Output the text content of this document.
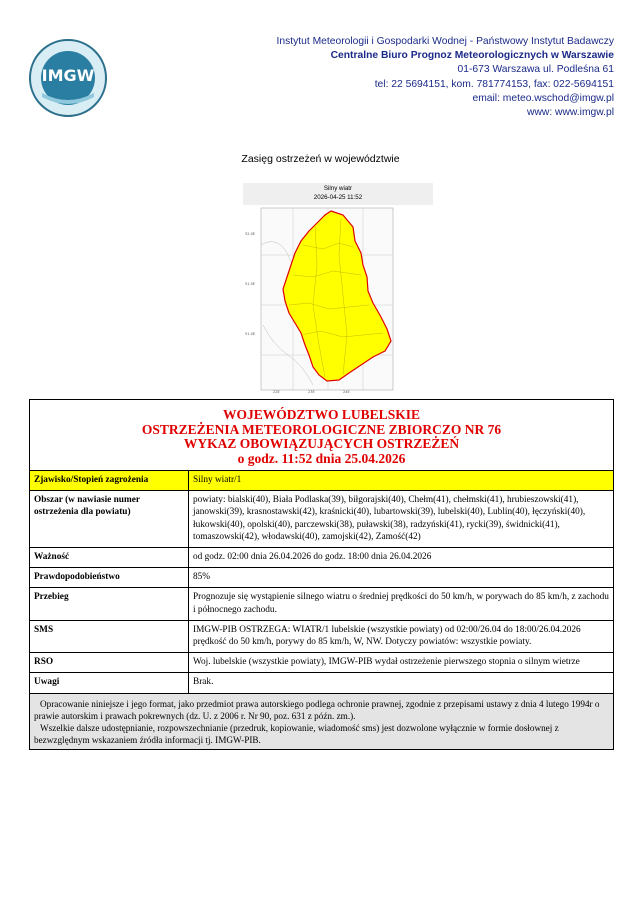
IMGW
Instytut Meteorologii i Gospodarki Wodnej - Państwowy Instytut Badawczy
Centralne Biuro Prognoz Meteorologicznych w Warszawie
01-673 Warszawa ul. Podleśna 61
tel: 22 5694151, kom. 781774153, fax: 022-5694151
email: meteo.wschod@imgw.pl
www: www.imgw.pl
Zasięg ostrzeżeń w województwie
Silny wiatr
2026-04-25 11:52
52.0E
51.5E
51.0E
22E	23E	24E
WOJEWÓDZTWO LUBELSKIE
OSTRZEŻENIA METEOROLOGICZNE ZBIORCZO NR 76
WYKAZ OBOWIĄZUJĄCYCH OSTRZEŻEŃ
o godz. 11:52 dnia 25.04.2026
Zjawisko/Stopień zagrożenia	Silny wiatr/1
Obszar (w nawiasie numer ostrzeżenia dla powiatu)	powiaty: bialski(40), Biała Podlaska(39), biłgorajski(40), Chełm(41), chełmski(41), hrubieszowski(41), janowski(39), krasnostawski(42), kraśnicki(40), lubartowski(39), lubelski(40), Lublin(40), łęczyński(40), łukowski(40), opolski(40), parczewski(38), puławski(38), radzyński(41), rycki(39), świdnicki(41), tomaszowski(42), włodawski(40), zamojski(42), Zamość(42)
Ważność	od godz. 02:00 dnia 26.04.2026 do godz. 18:00 dnia 26.04.2026
Prawdopodobieństwo	85%
Przebieg	Prognozuje się wystąpienie silnego wiatru o średniej prędkości do 50 km/h, w porywach do 85 km/h, z zachodu i północnego zachodu.
SMS	IMGW-PIB OSTRZEGA: WIATR/1 lubelskie (wszystkie powiaty) od 02:00/26.04 do 18:00/26.04.2026 prędkość do 50 km/h, porywy do 85 km/h, W, NW. Dotyczy powiatów: wszystkie powiaty.
RSO	Woj. lubelskie (wszystkie powiaty), IMGW-PIB wydał ostrzeżenie pierwszego stopnia o silnym wietrze
Uwagi	Brak.
Opracowanie niniejsze i jego format, jako przedmiot prawa autorskiego podlega ochronie prawnej, zgodnie z przepisami ustawy z dnia 4 lutego 1994r o prawie autorskim i prawach pokrewnych (dz. U. z 2006 r. Nr 90, poz. 631 z późn. zm.).
Wszelkie dalsze udostępnianie, rozpowszechnianie (przedruk, kopiowanie, wiadomość sms) jest dozwolone wyłącznie w formie dosłownej z bezwzględnym wskazaniem źródła informacji tj. IMGW-PIB.
